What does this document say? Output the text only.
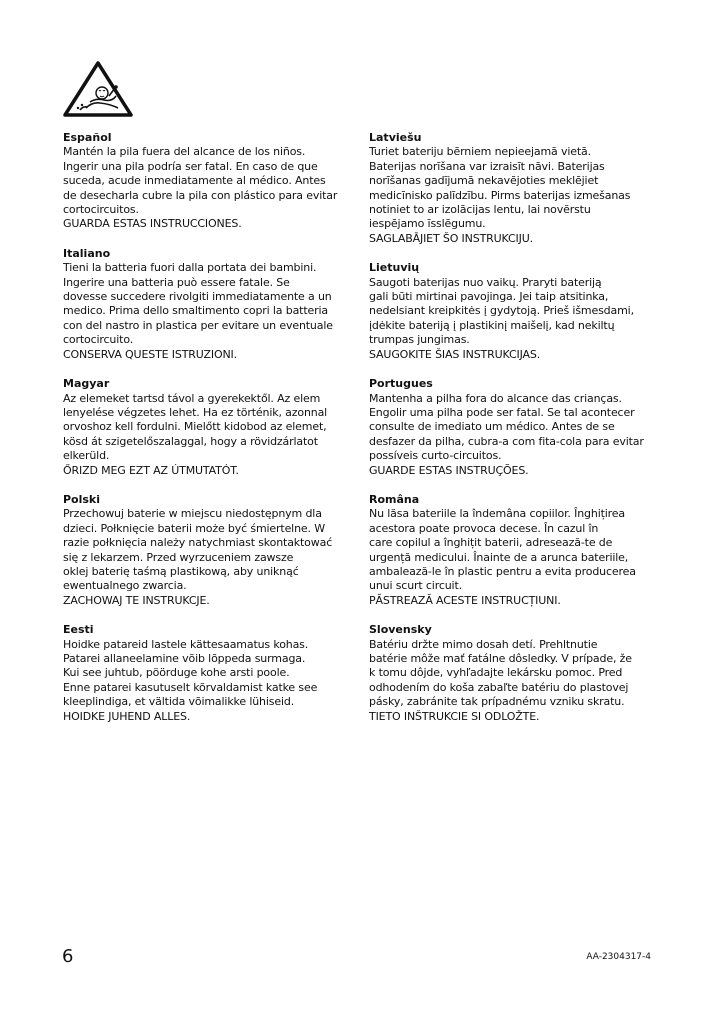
Español

Mantén la pila fuera del alcance de los niños.
Ingerir una pila podría ser fatal. En caso de que
suceda, acude inmediatamente al médico. Antes
de desecharla cubre la pila con plástico para evitar
cortocircuitos.
GUARDA ESTAS INSTRUCCIONES.

Italiano

Tieni la batteria fuori dalla portata dei bambini.
Ingerire una batteria può essere fatale. Se
dovesse succedere rivolgiti immediatamente a un
medico. Prima dello smaltimento copri la batteria
con del nastro in plastica per evitare un eventuale
cortocircuito.
CONSERVA QUESTE ISTRUZIONI.

Magyar

Az elemeket tartsd távol a gyerekektől. Az elem
lenyelése végzetes lehet. Ha ez történik, azonnal
orvoshoz kell fordulni. Mielőtt kidobod az elemet,
kösd át szigetelőszalaggal, hogy a rövidzárlatot
elkerüld.
ŐRIZD MEG EZT AZ ÚTMUTATÓT.

Polski

Przechowuj baterie w miejscu niedostępnym dla
dzieci. Połknięcie baterii może być śmiertelne. W
razie połknięcia należy natychmiast skontaktować
się z lekarzem. Przed wyrzuceniem zawsze
oklej baterię taśmą plastikową, aby uniknąć
ewentualnego zwarcia.
ZACHOWAJ TE INSTRUKCJE.

Eesti

Hoidke patareid lastele kättesaamatus kohas.
Patarei allaneelamine võib lõppeda surmaga.
Kui see juhtub, pöörduge kohe arsti poole.
Enne patarei kasutuselt kõrvaldamist katke see
kleeplindiga, et vältida võimalikke lühiseid.
HOIDKE JUHEND ALLES.

Latviešu

Turiet bateriju bērniem nepieejamā vietā.
Baterijas norīšana var izraisīt nāvi. Baterijas
norīšanas gadījumā nekavējoties meklējiet
medicīnisko palīdzību. Pirms baterijas izmešanas
notiniet to ar izolācijas lentu, lai novērstu
iespējamo īsslēgumu.
SAGLABĀJIET ŠO INSTRUKCIJU.

Lietuvių

Saugoti baterijas nuo vaikų. Praryti bateriją
gali būti mirtinai pavojinga. Jei taip atsitinka,
nedelsiant kreipkitės į gydytoją. Prieš išmesdami,
įdėkite bateriją į plastikinį maišelį, kad nekiltų
trumpas jungimas.
SAUGOKITE ŠIAS INSTRUKCIJAS.

Portugues

Mantenha a pilha fora do alcance das crianças.
Engolir uma pilha pode ser fatal. Se tal acontecer
consulte de imediato um médico. Antes de se
desfazer da pilha, cubra-a com fita-cola para evitar
possíveis curto-circuitos.
GUARDE ESTAS INSTRUÇÕES.

Româna

Nu lăsa bateriile la îndemâna copiilor. Înghițirea
acestora poate provoca decese. În cazul în
care copilul a înghițit baterii, adresează-te de
urgență medicului. Înainte de a arunca bateriile,
ambalează-le în plastic pentru a evita producerea
unui scurt circuit.
PĂSTREAZĂ ACESTE INSTRUCȚIUNI.

Slovensky

Batériu držte mimo dosah detí. Prehltnutie
batérie môže mať fatálne dôsledky. V prípade, že
k tomu dôjde, vyhľadajte lekársku pomoc. Pred
odhodením do koša zabaľte batériu do plastovej
pásky, zabránite tak prípadnému vzniku skratu.
TIETO INŠTRUKCIE SI ODLOŽTE.

6	AA-2304317-4
